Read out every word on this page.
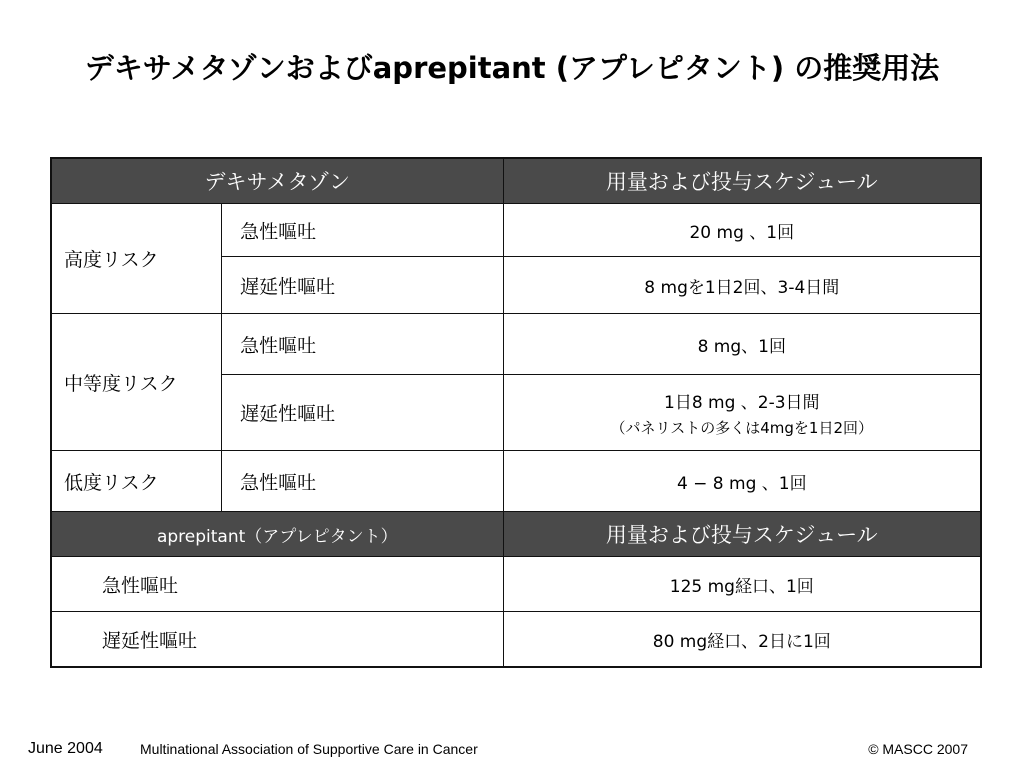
デキサメタゾンおよびaprepitant (アプレピタント) の推奨用法
デキサメタゾン		用量および投与スケジュール
高度リスク	急性嘔吐	20 mg 、1回
	遅延性嘔吐	8 mgを1日2回、3-4日間
中等度リスク	急性嘔吐	8 mg、1回
	遅延性嘔吐	1日8 mg 、2-3日間
（パネリストの多くは4mgを1日2回）

低度リスク	急性嘔吐	4 − 8 mg 、1回
aprepitant（アプレピタント）		用量および投与スケジュール
急性嘔吐		125 mg経口、1回
遅延性嘔吐		80 mg経口、2日に1回
June 2004	Multinational Association of Supportive Care in Cancer	© MASCC 2007
